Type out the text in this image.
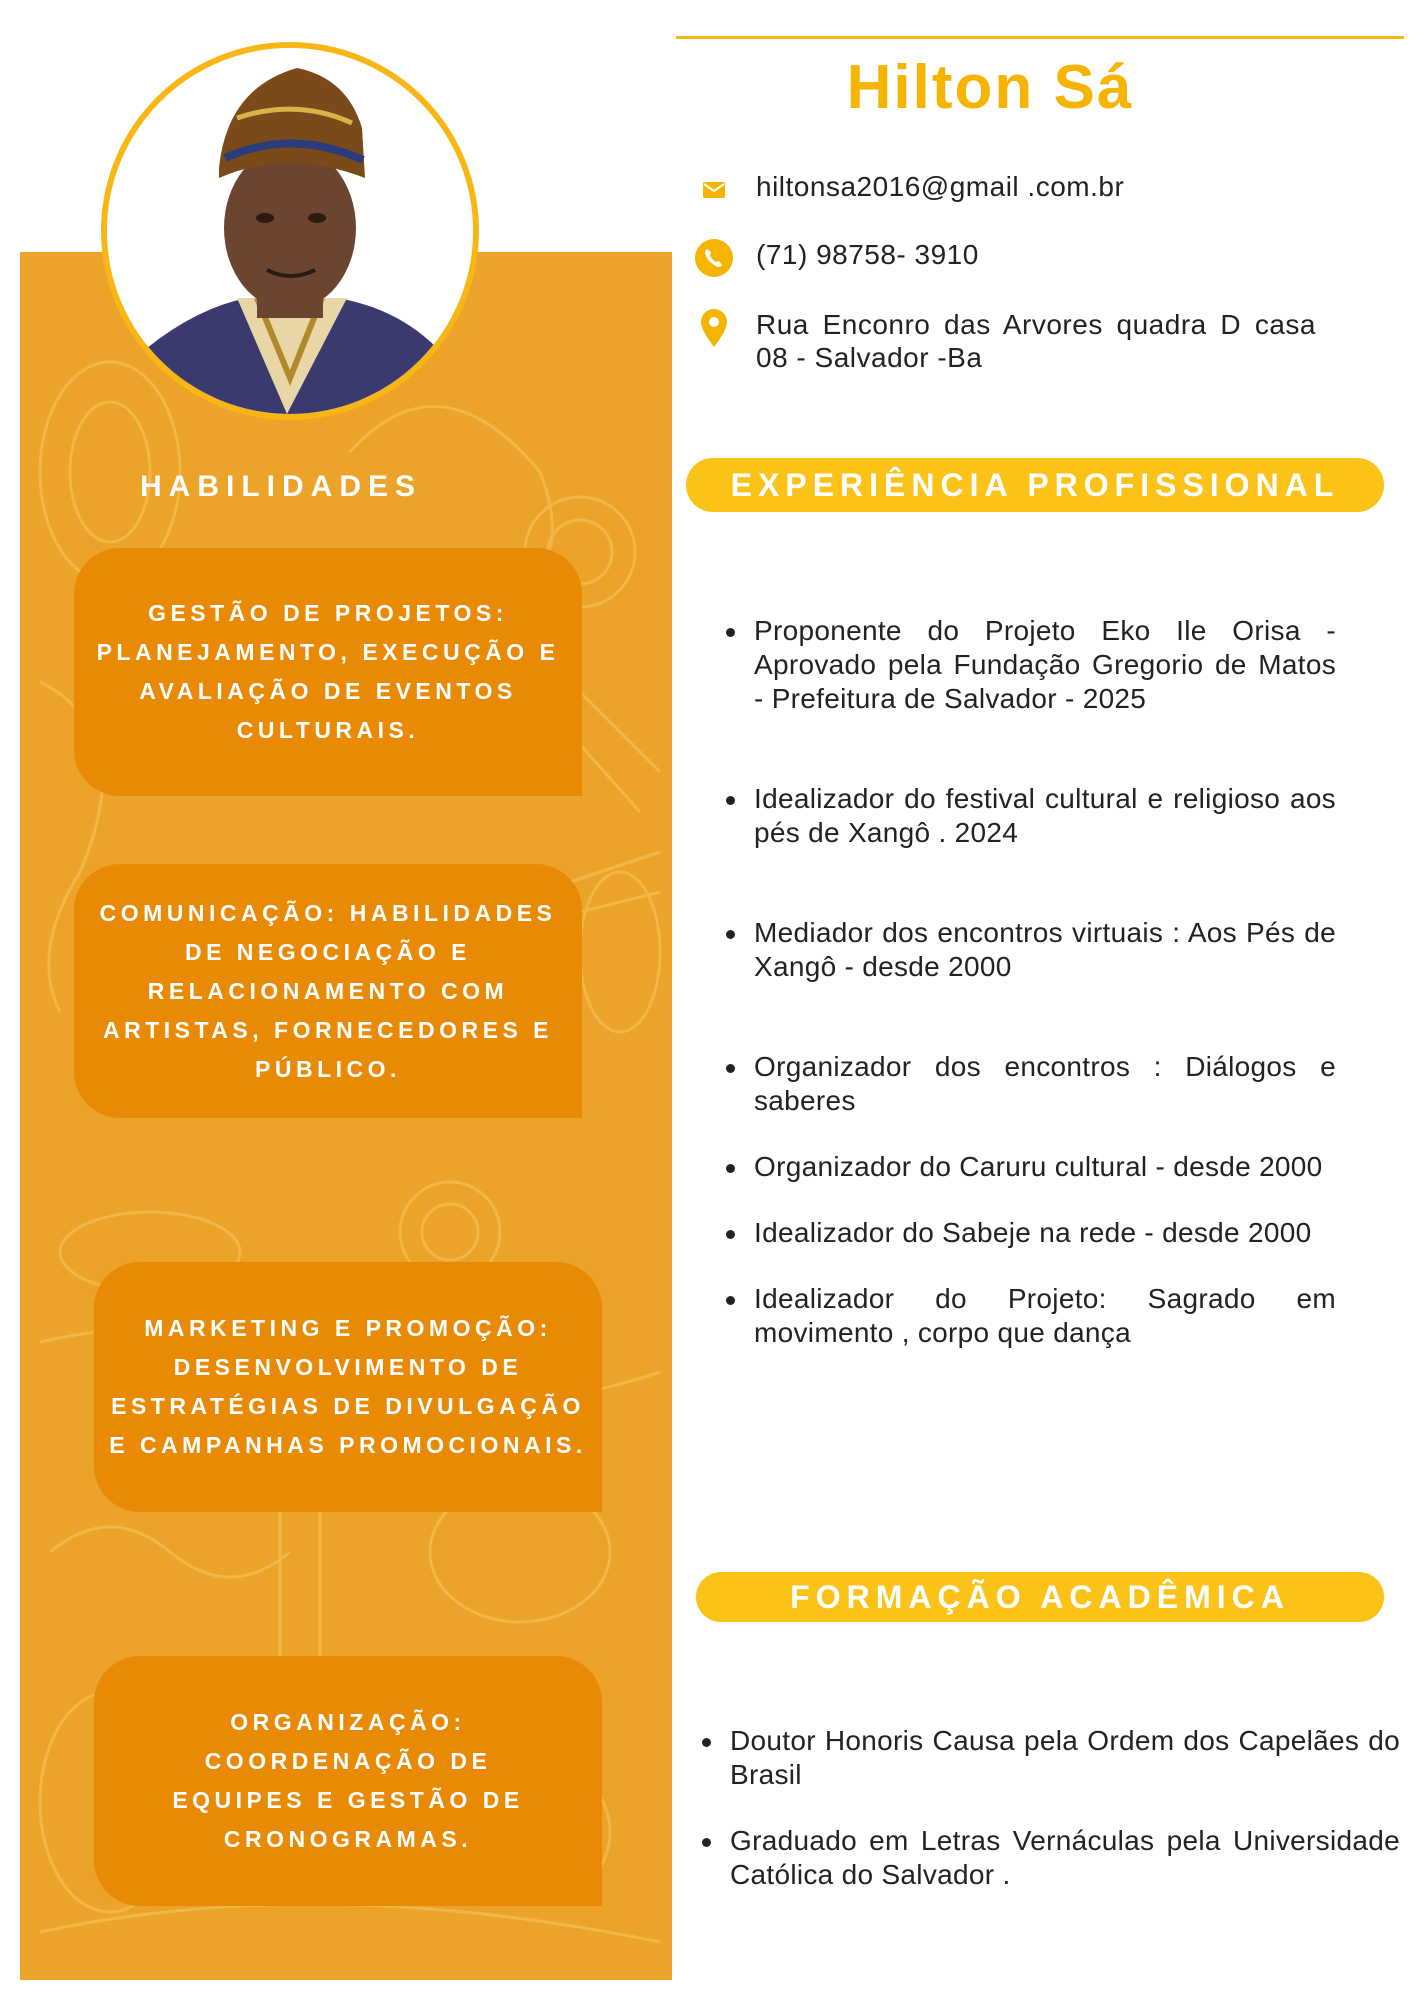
HABILIDADES
GESTÃO DE PROJETOS:
PLANEJAMENTO, EXECUÇÃO E
AVALIAÇÃO DE EVENTOS
CULTURAIS.
COMUNICAÇÃO: HABILIDADES
DE NEGOCIAÇÃO E
RELACIONAMENTO COM
ARTISTAS, FORNECEDORES E
PÚBLICO.
MARKETING E PROMOÇÃO:
DESENVOLVIMENTO DE
ESTRATÉGIAS DE DIVULGAÇÃO
E CAMPANHAS PROMOCIONAIS.
ORGANIZAÇÃO:
COORDENAÇÃO DE
EQUIPES E GESTÃO DE
CRONOGRAMAS.
Hilton Sá
hiltonsa2016@gmail .com.br
(71) 98758- 3910
Rua Enconro das Arvores quadra D casa 08 - Salvador -Ba
EXPERIÊNCIA PROFISSIONAL
Proponente do Projeto Eko Ile Orisa - Aprovado pela Fundação Gregorio de Matos - Prefeitura de Salvador - 2025
Idealizador do festival cultural e religioso aos pés de Xangô . 2024
Mediador dos encontros virtuais : Aos Pés de Xangô - desde 2000
Organizador dos encontros : Diálogos e saberes
Organizador do Caruru cultural - desde 2000
Idealizador do Sabeje na rede - desde 2000
Idealizador do Projeto: Sagrado em movimento , corpo que dança
FORMAÇÃO ACADÊMICA
Doutor Honoris Causa pela Ordem dos Capelães do Brasil
Graduado em Letras Vernáculas pela Universidade Católica do Salvador .
